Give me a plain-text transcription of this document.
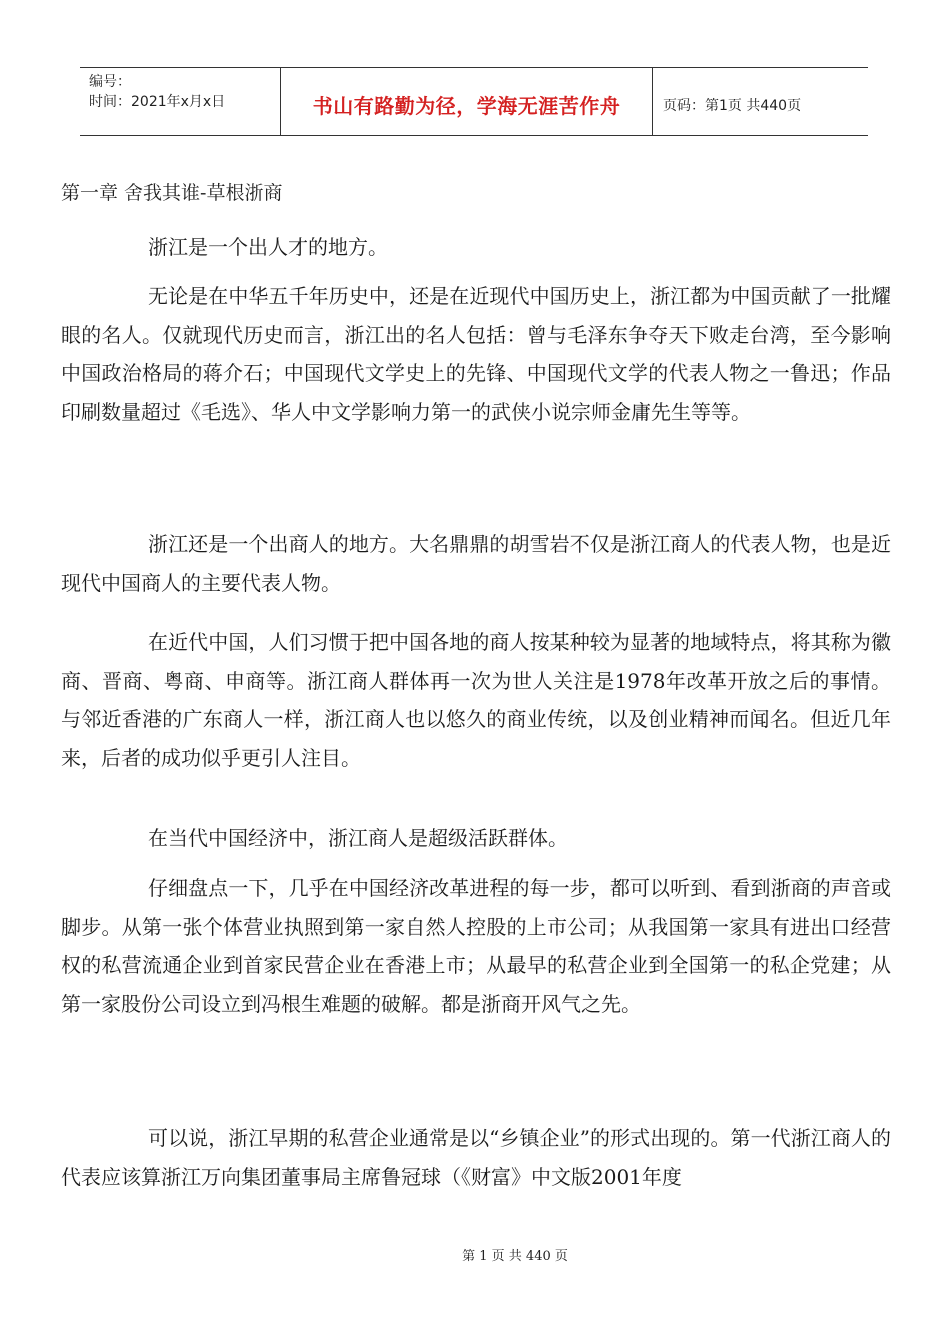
编号：
时间：2021年x月x日	书山有路勤为径，学海无涯苦作舟	页码：第1页 共440页
第一章 舍我其谁-草根浙商

浙江是一个出人才的地方。

无论是在中华五千年历史中，还是在近现代中国历史上，浙江都为中国贡献了一批耀眼的名人。仅就现代历史而言，浙江出的名人包括：曾与毛泽东争夺天下败走台湾，至今影响中国政治格局的蒋介石；中国现代文学史上的先锋、中国现代文学的代表人物之一鲁迅；作品印刷数量超过《毛选》、华人中文学影响力第一的武侠小说宗师金庸先生等等。

浙江还是一个出商人的地方。大名鼎鼎的胡雪岩不仅是浙江商人的代表人物，也是近现代中国商人的主要代表人物。

在近代中国，人们习惯于把中国各地的商人按某种较为显著的地域特点，将其称为徽商、晋商、粤商、申商等。浙江商人群体再一次为世人关注是1978年改革开放之后的事情。与邻近香港的广东商人一样，浙江商人也以悠久的商业传统，以及创业精神而闻名。但近几年来，后者的成功似乎更引人注目。

在当代中国经济中，浙江商人是超级活跃群体。

仔细盘点一下，几乎在中国经济改革进程的每一步，都可以听到、看到浙商的声音或脚步。从第一张个体营业执照到第一家自然人控股的上市公司；从我国第一家具有进出口经营权的私营流通企业到首家民营企业在香港上市；从最早的私营企业到全国第一的私企党建；从第一家股份公司设立到冯根生难题的破解。都是浙商开风气之先。

可以说，浙江早期的私营企业通常是以“乡镇企业”的形式出现的。第一代浙江商人的代表应该算浙江万向集团董事局主席鲁冠球（《财富》中文版2001年度

第 1 页 共 440 页
